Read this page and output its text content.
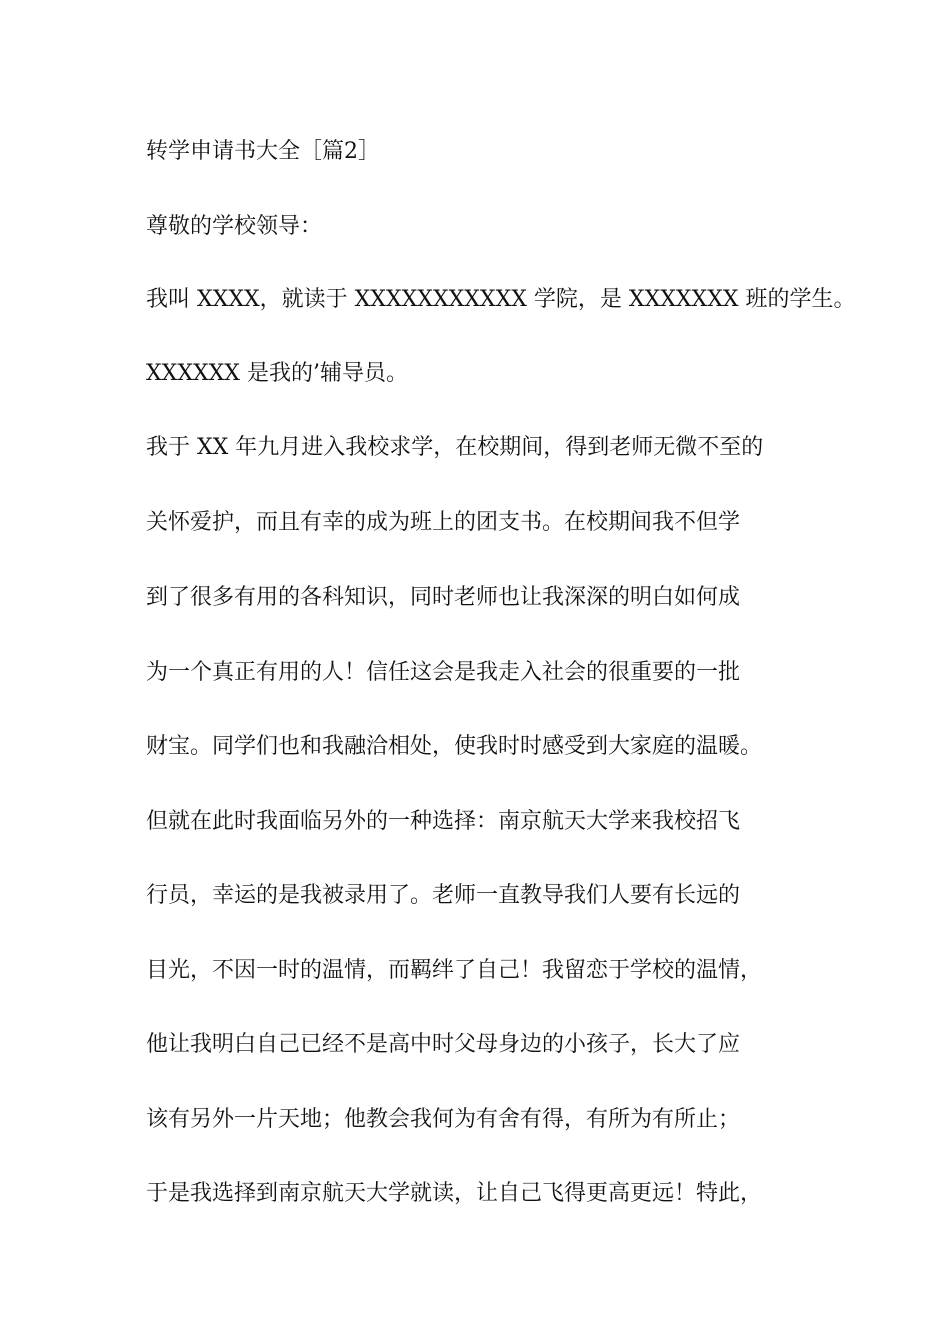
转学申请书大全［篇2］
尊敬的学校领导：
我叫 XXXX，就读于 XXXXXXXXXXX 学院，是 XXXXXXX 班的学生。
XXXXXX 是我的’辅导员。
我于 XX 年九月进入我校求学，在校期间，得到老师无微不至的
关怀爱护，而且有幸的成为班上的团支书。在校期间我不但学
到了很多有用的各科知识，同时老师也让我深深的明白如何成
为一个真正有用的人！信任这会是我走入社会的很重要的一批
财宝。同学们也和我融洽相处，使我时时感受到大家庭的温暖。
但就在此时我面临另外的一种选择：南京航天大学来我校招飞
行员，幸运的是我被录用了。老师一直教导我们人要有长远的
目光，不因一时的温情，而羁绊了自己！我留恋于学校的温情，
他让我明白自己已经不是高中时父母身边的小孩子，长大了应
该有另外一片天地；他教会我何为有舍有得，有所为有所止；
于是我选择到南京航天大学就读，让自己飞得更高更远！特此，
